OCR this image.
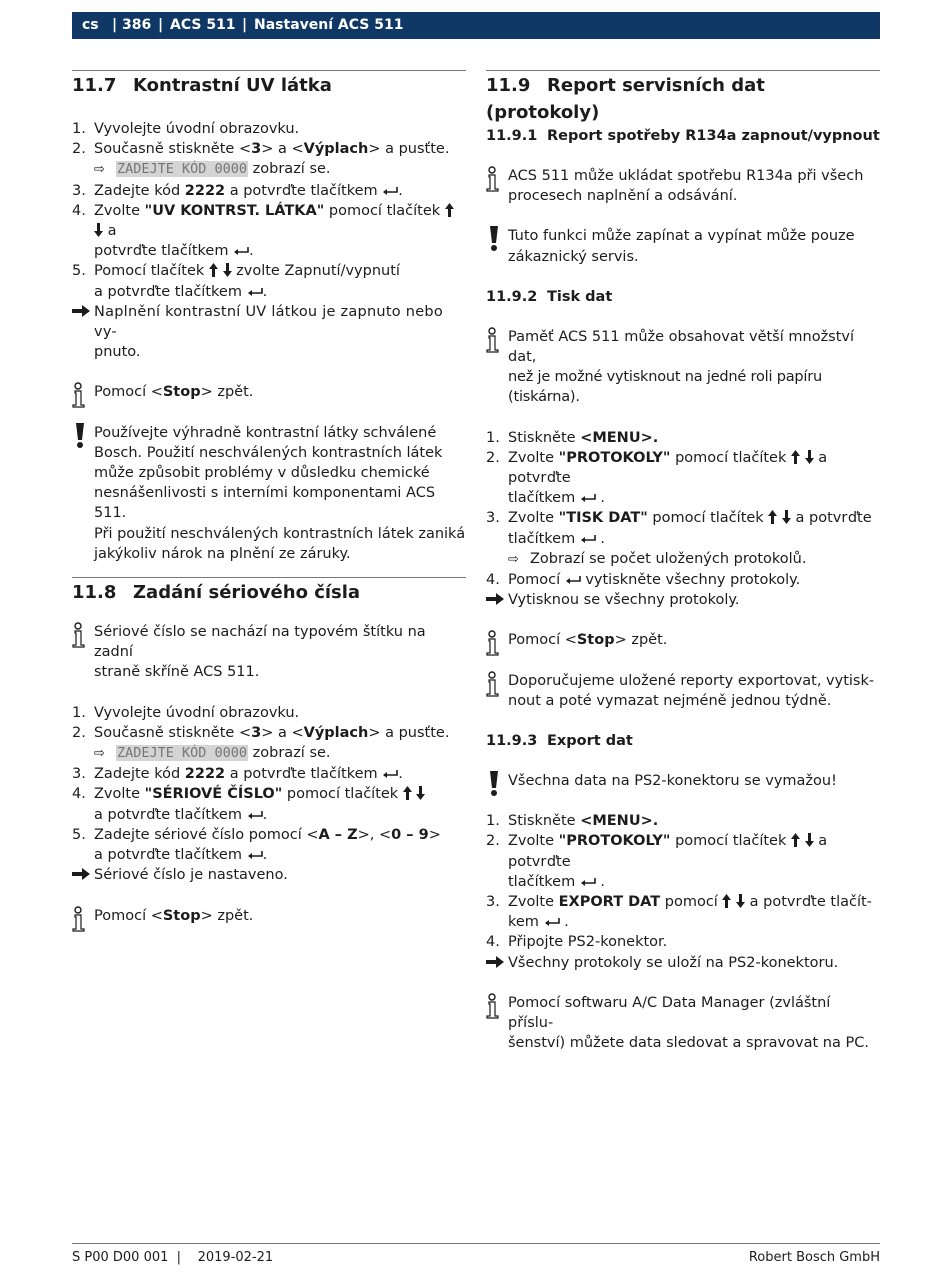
cs | 386 | ACS 511 | Nastavení ACS 511
11.7 Kontrastní UV látka
1. Vyvolejte úvodní obrazovku.
2. Současně stiskněte <3> a <Výplach> a pusťte.
⇨ ZADEJTE KÓD 0000 zobrazí se.
3. Zadejte kód 2222 a potvrďte tlačítkem .
4. Zvolte "UV KONTRST. LÁTKA" pomocí tlačítek   a
potvrďte tlačítkem .
5. Pomocí tlačítek   zvolte Zapnutí/vypnutí
a potvrďte tlačítkem .
Naplnění kontrastní UV látkou je zapnuto nebo vy-
pnuto.
Pomocí <Stop> zpět.
Používejte výhradně kontrastní látky schválené
Bosch. Použití neschválených kontrastních látek
může způsobit problémy v důsledku chemické
nesnášenlivosti s interními komponentami ACS 511.
Při použití neschválených kontrastních látek zaniká
jakýkoliv nárok na plnění ze záruky.
11.8 Zadání sériového čísla
Sériové číslo se nachází na typovém štítku na zadní
straně skříně ACS 511.
1. Vyvolejte úvodní obrazovku.
2. Současně stiskněte <3> a <Výplach> a pusťte.
⇨ ZADEJTE KÓD 0000 zobrazí se.
3. Zadejte kód 2222 a potvrďte tlačítkem .
4. Zvolte "SÉRIOVÉ ČÍSLO" pomocí tlačítek
a potvrďte tlačítkem .
5. Zadejte sériové číslo pomocí <A – Z>, <0 – 9>
a potvrďte tlačítkem .
Sériové číslo je nastaveno.
Pomocí <Stop> zpět.
11.9 Report servisních dat (protokoly)
11.9.1 Report spotřeby R134a zapnout/vypnout
ACS 511 může ukládat spotřebu R134a při všech
procesech naplnění a odsávání.
Tuto funkci může zapínat a vypínat může pouze
zákaznický servis.
11.9.2 Tisk dat
Paměť ACS 511 může obsahovat větší množství dat,
než je možné vytisknout na jedné roli papíru (tiskárna).
1. Stiskněte <MENU>.
2. Zvolte "PROTOKOLY" pomocí tlačítek   a potvrďte
tlačítkem  .
3. Zvolte "TISK DAT" pomocí tlačítek   a potvrďte
tlačítkem  .
⇨ Zobrazí se počet uložených protokolů.
4. Pomocí  vytiskněte všechny protokoly.
Vytisknou se všechny protokoly.
Pomocí <Stop> zpět.
Doporučujeme uložené reporty exportovat, vytisk-
nout a poté vymazat nejméně jednou týdně.
11.9.3 Export dat
Všechna data na PS2-konektoru se vymažou!
1. Stiskněte <MENU>.
2. Zvolte "PROTOKOLY" pomocí tlačítek   a potvrďte
tlačítkem  .
3. Zvolte EXPORT DAT pomocí   a potvrďte tlačít-
kem  .
4. Připojte PS2-konektor.
Všechny protokoly se uloží na PS2-konektoru.
Pomocí softwaru A/C Data Manager (zvláštní příslu-
šenství) můžete data sledovat a spravovat na PC.
S P00 D00 001  |    2019-02-21	Robert Bosch GmbH
